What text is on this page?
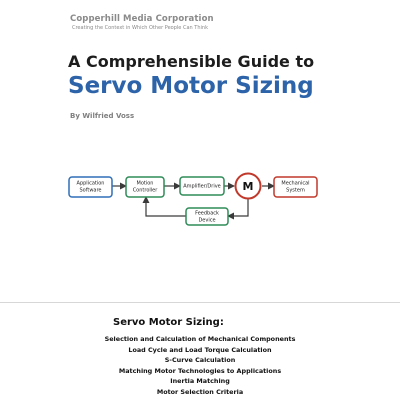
Copperhill Media Corporation
Creating the Context in Which Other People Can Think
A Comprehensible Guide to
Servo Motor Sizing
By Wilfried Voss
Application
Software
Motion
Controller
Amplifier/Drive M	Mechanical
System
Feedback
Device
Servo Motor Sizing:
Selection and Calculation of Mechanical Components
Load Cycle and Load Torque Calculation
S-Curve Calculation
Matching Motor Technologies to Applications
Inertia Matching
Motor Selection Criteria
